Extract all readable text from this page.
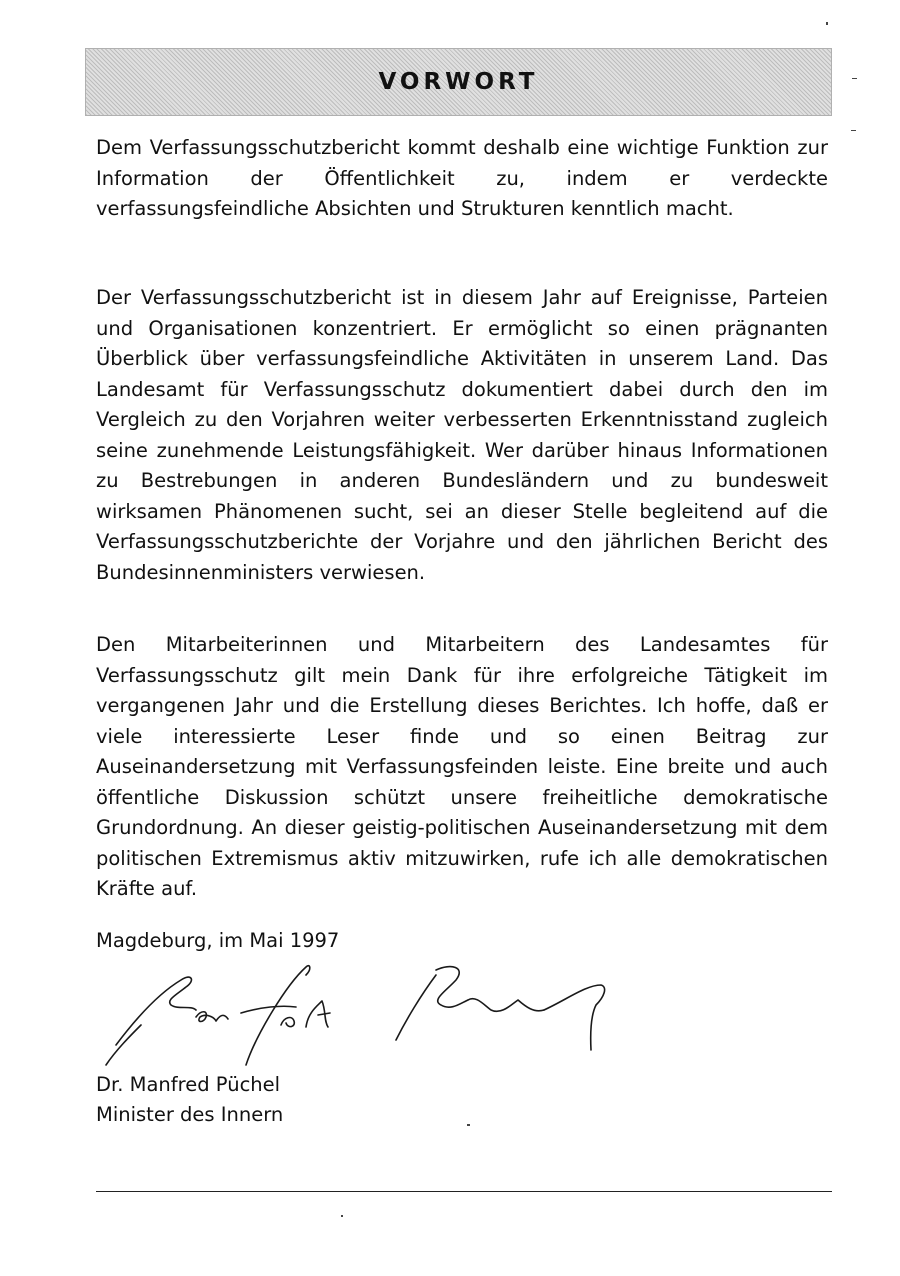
VORWORT

Dem Verfassungsschutzbericht kommt deshalb eine wichtige Funktion zur Information der Öffentlichkeit zu, indem er verdeckte verfassungsfeindliche Absichten und Strukturen kenntlich macht.

Der Verfassungsschutzbericht ist in diesem Jahr auf Ereignisse, Parteien und Organisationen konzentriert. Er ermöglicht so einen prägnanten Überblick über verfassungsfeindliche Aktivitäten in unserem Land. Das Landesamt für Verfassungsschutz dokumentiert dabei durch den im Vergleich zu den Vorjahren weiter verbesserten Erkenntnisstand zugleich seine zunehmende Leistungsfähigkeit. Wer darüber hinaus Informationen zu Bestrebungen in anderen Bundesländern und zu bundesweit wirksamen Phänomenen sucht, sei an dieser Stelle begleitend auf die Verfassungsschutzberichte der Vorjahre und den jährlichen Bericht des Bundesinnenministers verwiesen.

Den Mitarbeiterinnen und Mitarbeitern des Landesamtes für Verfassungsschutz gilt mein Dank für ihre erfolgreiche Tätigkeit im vergangenen Jahr und die Erstellung dieses Berichtes. Ich hoffe, daß er viele interessierte Leser finde und so einen Beitrag zur Auseinandersetzung mit Verfassungsfeinden leiste. Eine breite und auch öffentliche Diskussion schützt unsere freiheitliche demokratische Grundordnung. An dieser geistig-politischen Auseinandersetzung mit dem politischen Extremismus aktiv mitzuwirken, rufe ich alle demokratischen Kräfte auf.

Magdeburg, im Mai 1997

Dr. Manfred Püchel

Minister des Innern
